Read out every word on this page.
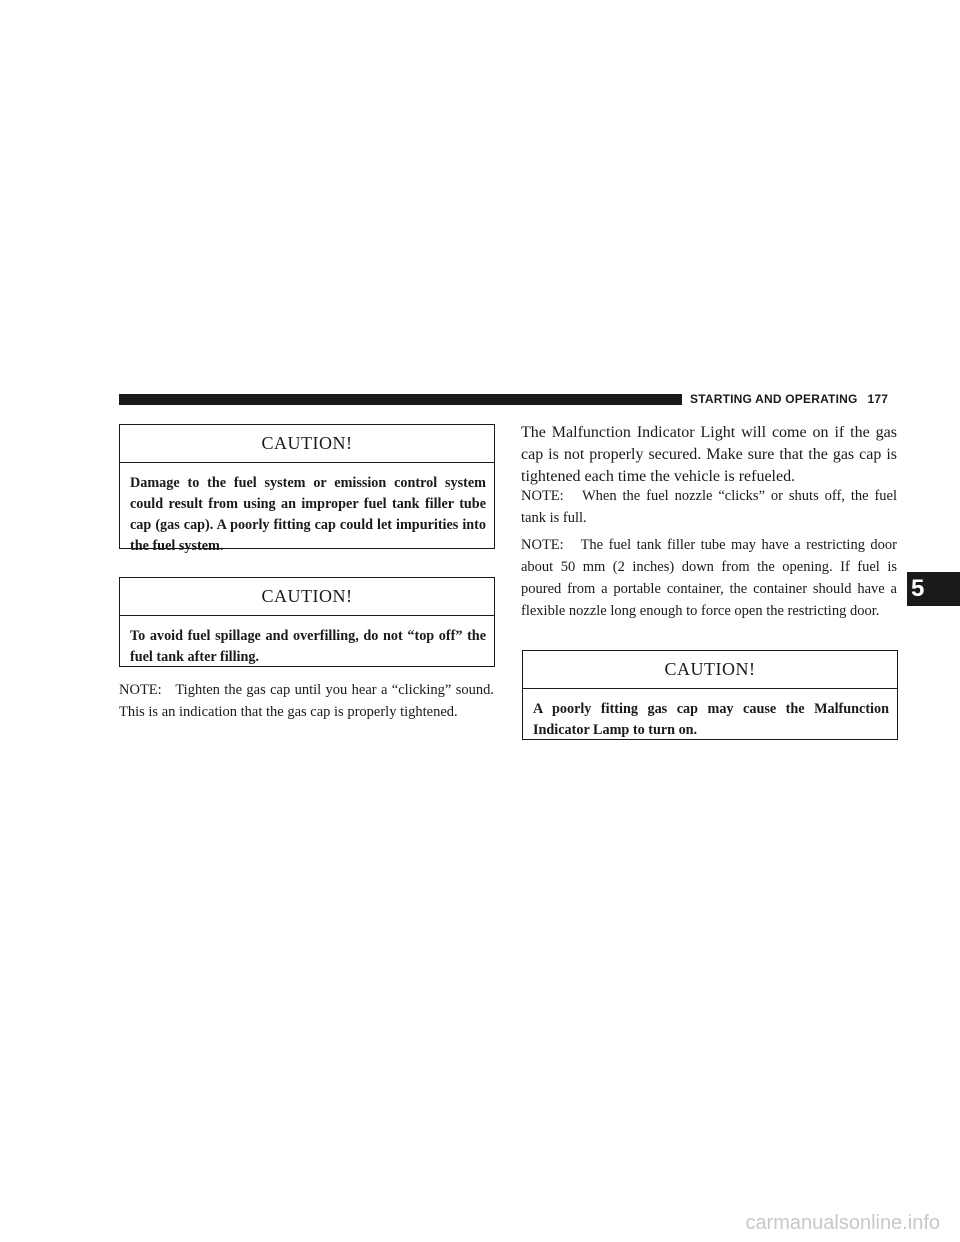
STARTING AND OPERATING 177
CAUTION!
Damage to the fuel system or emission control system could result from using an improper fuel tank filler tube cap (gas cap). A poorly fitting cap could let impurities into the fuel system.
CAUTION!
To avoid fuel spillage and overfilling, do not “top off” the fuel tank after filling.
NOTE: Tighten the gas cap until you hear a “clicking” sound. This is an indication that the gas cap is properly tightened.
The Malfunction Indicator Light will come on if the gas cap is not properly secured. Make sure that the gas cap is tightened each time the vehicle is refueled.
NOTE: When the fuel nozzle “clicks” or shuts off, the fuel tank is full.
NOTE: The fuel tank filler tube may have a restricting door about 50 mm (2 inches) down from the opening. If fuel is poured from a portable container, the container should have a flexible nozzle long enough to force open the restricting door.
CAUTION!
A poorly fitting gas cap may cause the Malfunction Indicator Lamp to turn on.
5
carmanualsonline.info
